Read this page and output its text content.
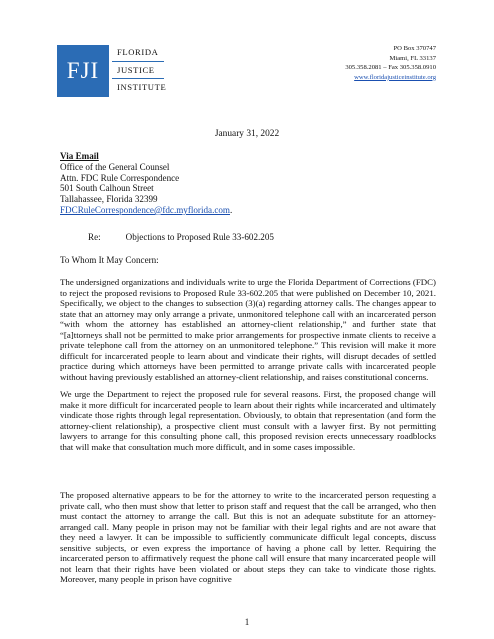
FJI
FLORIDA
JUSTICE
INSTITUTE
PO Box 370747
Miami, FL 33137
305.358.2081 – Fax 305.358.0910
www.floridajusticeinstitute.org
January 31, 2022
Via Email
Office of the General Counsel
Attn. FDC Rule Correspondence
501 South Calhoun Street
Tallahassee, Florida 32399
FDCRuleCorrespondence@fdc.myflorida.com.
Re:	Objections to Proposed Rule 33-602.205
To Whom It May Concern:

The undersigned organizations and individuals write to urge the Florida Department of Corrections (FDC) to reject the proposed revisions to Proposed Rule 33-602.205 that were published on December 10, 2021. Specifically, we object to the changes to subsection (3)(a) regarding attorney calls. The changes appear to state that an attorney may only arrange a private, unmonitored telephone call with an incarcerated person “with whom the attorney has established an attorney-client relationship,” and further state that “[a]ttorneys shall not be permitted to make prior arrangements for prospective inmate clients to receive a private telephone call from the attorney on an unmonitored telephone.” This revision will make it more difficult for incarcerated people to learn about and vindicate their rights, will disrupt decades of settled practice during which attorneys have been permitted to arrange private calls with incarcerated people without having previously established an attorney-client relationship, and raises constitutional concerns.

We urge the Department to reject the proposed rule for several reasons. First, the proposed change will make it more difficult for incarcerated people to learn about their rights while incarcerated and ultimately vindicate those rights through legal representation. Obviously, to obtain that representation (and form the attorney-client relationship), a prospective client must consult with a lawyer first. By not permitting lawyers to arrange for this consulting phone call, this proposed revision erects unnecessary roadblocks that will make that consultation much more difficult, and in some cases impossible.

The proposed alternative appears to be for the attorney to write to the incarcerated person requesting a private call, who then must show that letter to prison staff and request that the call be arranged, who then must contact the attorney to arrange the call. But this is not an adequate substitute for an attorney-arranged call. Many people in prison may not be familiar with their legal rights and are not aware that they need a lawyer. It can be impossible to sufficiently communicate difficult legal concepts, discuss sensitive subjects, or even express the importance of having a phone call by letter. Requiring the incarcerated person to affirmatively request the phone call will ensure that many incarcerated people will not learn that their rights have been violated or about steps they can take to vindicate those rights. Moreover, many people in prison have cognitive

1
